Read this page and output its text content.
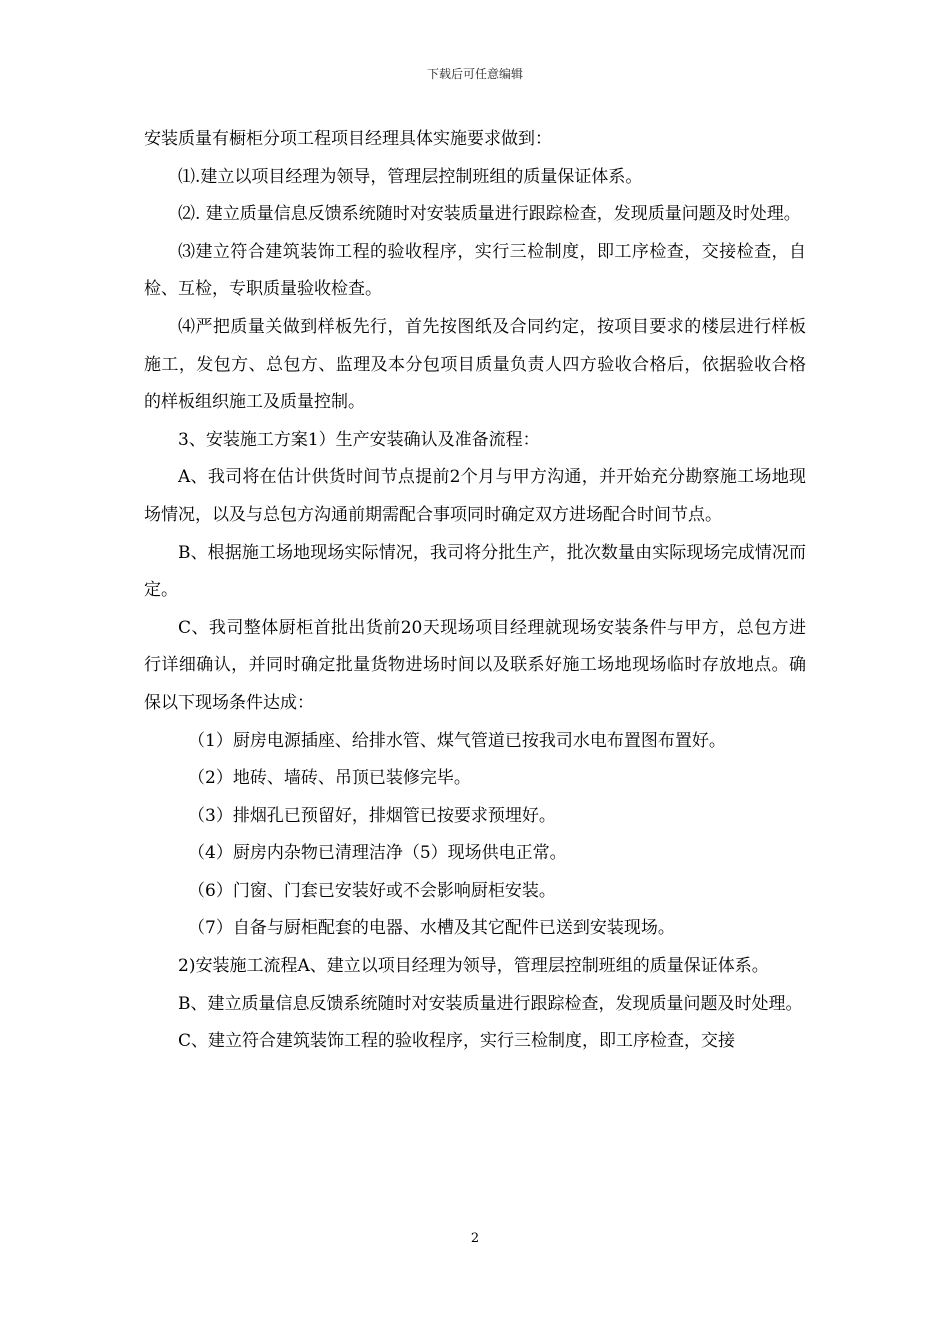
下载后可任意编辑

安装质量有橱柜分项工程项目经理具体实施要求做到：

⑴.建立以项目经理为领导，管理层控制班组的质量保证体系。

⑵. 建立质量信息反馈系统随时对安装质量进行跟踪检查，发现质量问题及时处理。

⑶建立符合建筑装饰工程的验收程序，实行三检制度，即工序检查，交接检查，自检、互检，专职质量验收检查。

⑷严把质量关做到样板先行，首先按图纸及合同约定，按项目要求的楼层进行样板施工，发包方、总包方、监理及本分包项目质量负责人四方验收合格后，依据验收合格的样板组织施工及质量控制。

3、安装施工方案1）生产安装确认及准备流程：

A、我司将在估计供货时间节点提前2个月与甲方沟通，并开始充分勘察施工场地现场情况，以及与总包方沟通前期需配合事项同时确定双方进场配合时间节点。

B、根据施工场地现场实际情况，我司将分批生产，批次数量由实际现场完成情况而定。

C、我司整体厨柜首批出货前20天现场项目经理就现场安装条件与甲方，总包方进行详细确认，并同时确定批量货物进场时间以及联系好施工场地现场临时存放地点。确保以下现场条件达成：

（1）厨房电源插座、给排水管、煤气管道已按我司水电布置图布置好。

（2）地砖、墙砖、吊顶已装修完毕。

（3）排烟孔已预留好，排烟管已按要求预埋好。

（4）厨房内杂物已清理洁净（5）现场供电正常。

（6）门窗、门套已安装好或不会影响厨柜安装。

（7）自备与厨柜配套的电器、水槽及其它配件已送到安装现场。

2)安装施工流程A、建立以项目经理为领导，管理层控制班组的质量保证体系。

B、建立质量信息反馈系统随时对安装质量进行跟踪检查，发现质量问题及时处理。

C、建立符合建筑装饰工程的验收程序，实行三检制度，即工序检查，交接

2
